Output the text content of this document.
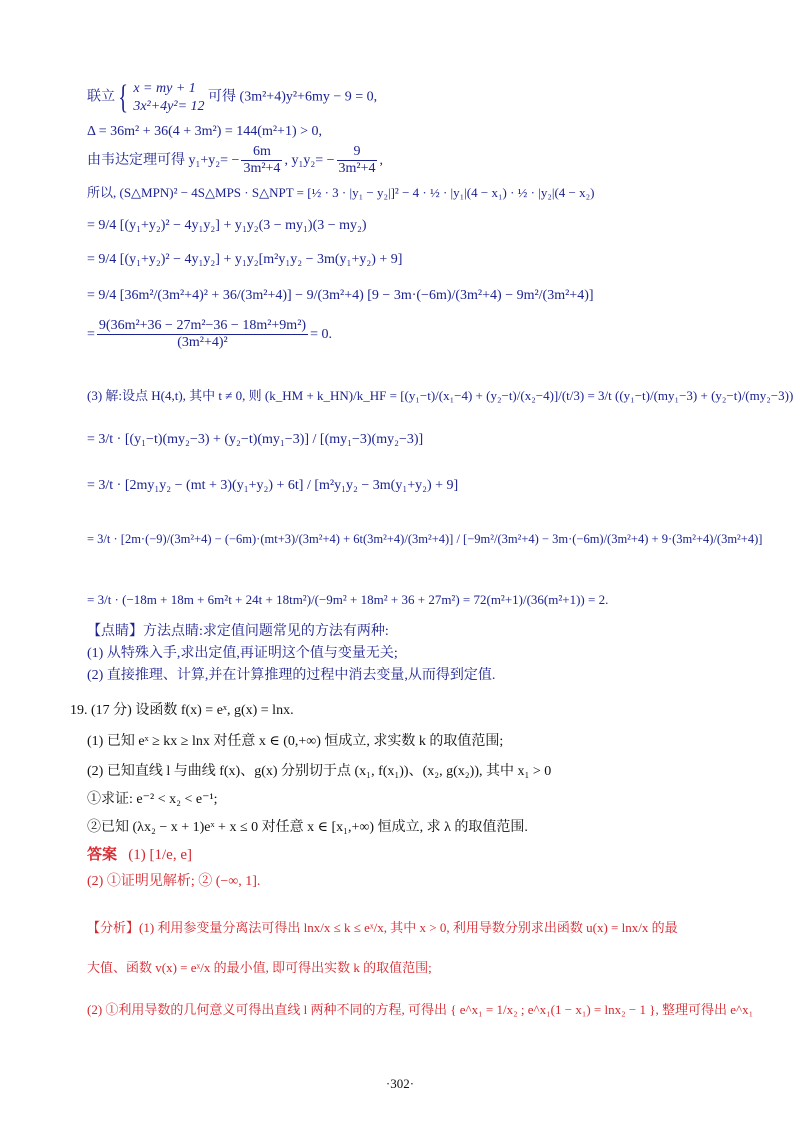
联立{ x = my + 1
3x²+4y²= 12
可得 (3m²+4)y²+6my − 9 = 0,
Δ = 36m² + 36(4 + 3m²) = 144(m²+1) > 0,
由韦达定理可得 $y_1+y_2= - \frac{6m}{\text{3m²+4}}$ , $y_1y_2= - \frac{9}{\text{3m²+4}}$ ,
所以, (S△MPN)² − 4S△MPS · S△NPT = [½ · 3 · |y₁ − y₂|]² − 4 · ½ · |y₁|(4 − x₁) · ½ · |y₂|(4 − x₂)
= 9/4 [(y₁+y₂)² − 4y₁y₂] + y₁y₂(3 − my₁)(3 − my₂)
= 9/4 [(y₁+y₂)² − 4y₁y₂] + y₁y₂[m²y₁y₂ − 3m(y₁+y₂) + 9]
= 9/4 [36m²/(3m²+4)² + 36/(3m²+4)] − 9/(3m²+4) [9 − 3m·(−6m)/(3m²+4) − 9m²/(3m²+4)]
= $\frac{\text{9(36m²+36 − 27m²−36 − 18m²+9m²)}}{\text{(3m²+4)²}} = 0$.
(3) 解:设点 H(4,t), 其中 t ≠ 0, 则 (k_HM + k_HN)/k_HF = [(y₁−t)/(x₁−4) + (y₂−t)/(x₂−4)]/(t/3) = 3/t ((y₁−t)/(my₁−3) + (y₂−t)/(my₂−3))
= 3/t · [(y₁−t)(my₂−3) + (y₂−t)(my₁−3)] / [(my₁−3)(my₂−3)]
= 3/t · [2my₁y₂ − (mt + 3)(y₁+y₂) + 6t] / [m²y₁y₂ − 3m(y₁+y₂) + 9]
= 3/t · [2m·(−9)/(3m²+4) − (−6m)·(mt+3)/(3m²+4) + 6t(3m²+4)/(3m²+4)] / [−9m²/(3m²+4) − 3m·(−6m)/(3m²+4) + 9·(3m²+4)/(3m²+4)]
= 3/t · (−18m + 18m + 6m²t + 24t + 18tm²)/(−9m² + 18m² + 36 + 27m²) = 72(m²+1)/(36(m²+1)) = 2.
【点睛】方法点睛:求定值问题常见的方法有两种:
(1) 从特殊入手,求出定值,再证明这个值与变量无关;
(2) 直接推理、计算,并在计算推理的过程中消去变量,从而得到定值.
19. (17 分) 设函数 f(x) = eˣ, g(x) = lnx.
(1) 已知 eˣ ≥ kx ≥ lnx 对任意 x ∈ (0,+∞) 恒成立, 求实数 k 的取值范围;
(2) 已知直线 l 与曲线 f(x)、g(x) 分别切于点 (x₁, f(x₁))、(x₂, g(x₂)), 其中 x₁ > 0
①求证: e⁻² < x₂ < e⁻¹;
②已知 (λx₂ − x + 1)eˣ + x ≤ 0 对任意 x ∈ [x₁,+∞) 恒成立, 求 λ 的取值范围.
答案 (1) [1/e, e]
(2) ①证明见解析; ② (−∞, 1].
【分析】(1) 利用参变量分离法可得出 lnx/x ≤ k ≤ eˣ/x, 其中 x > 0, 利用导数分别求出函数 u(x) = lnx/x 的最
大值、函数 v(x) = eˣ/x 的最小值, 即可得出实数 k 的取值范围;
(2) ①利用导数的几何意义可得出直线 l 两种不同的方程, 可得出 { e^x₁ = 1/x₂ ; e^x₁(1 − x₁) = lnx₂ − 1 }, 整理可得出 e^x₁
·302·
